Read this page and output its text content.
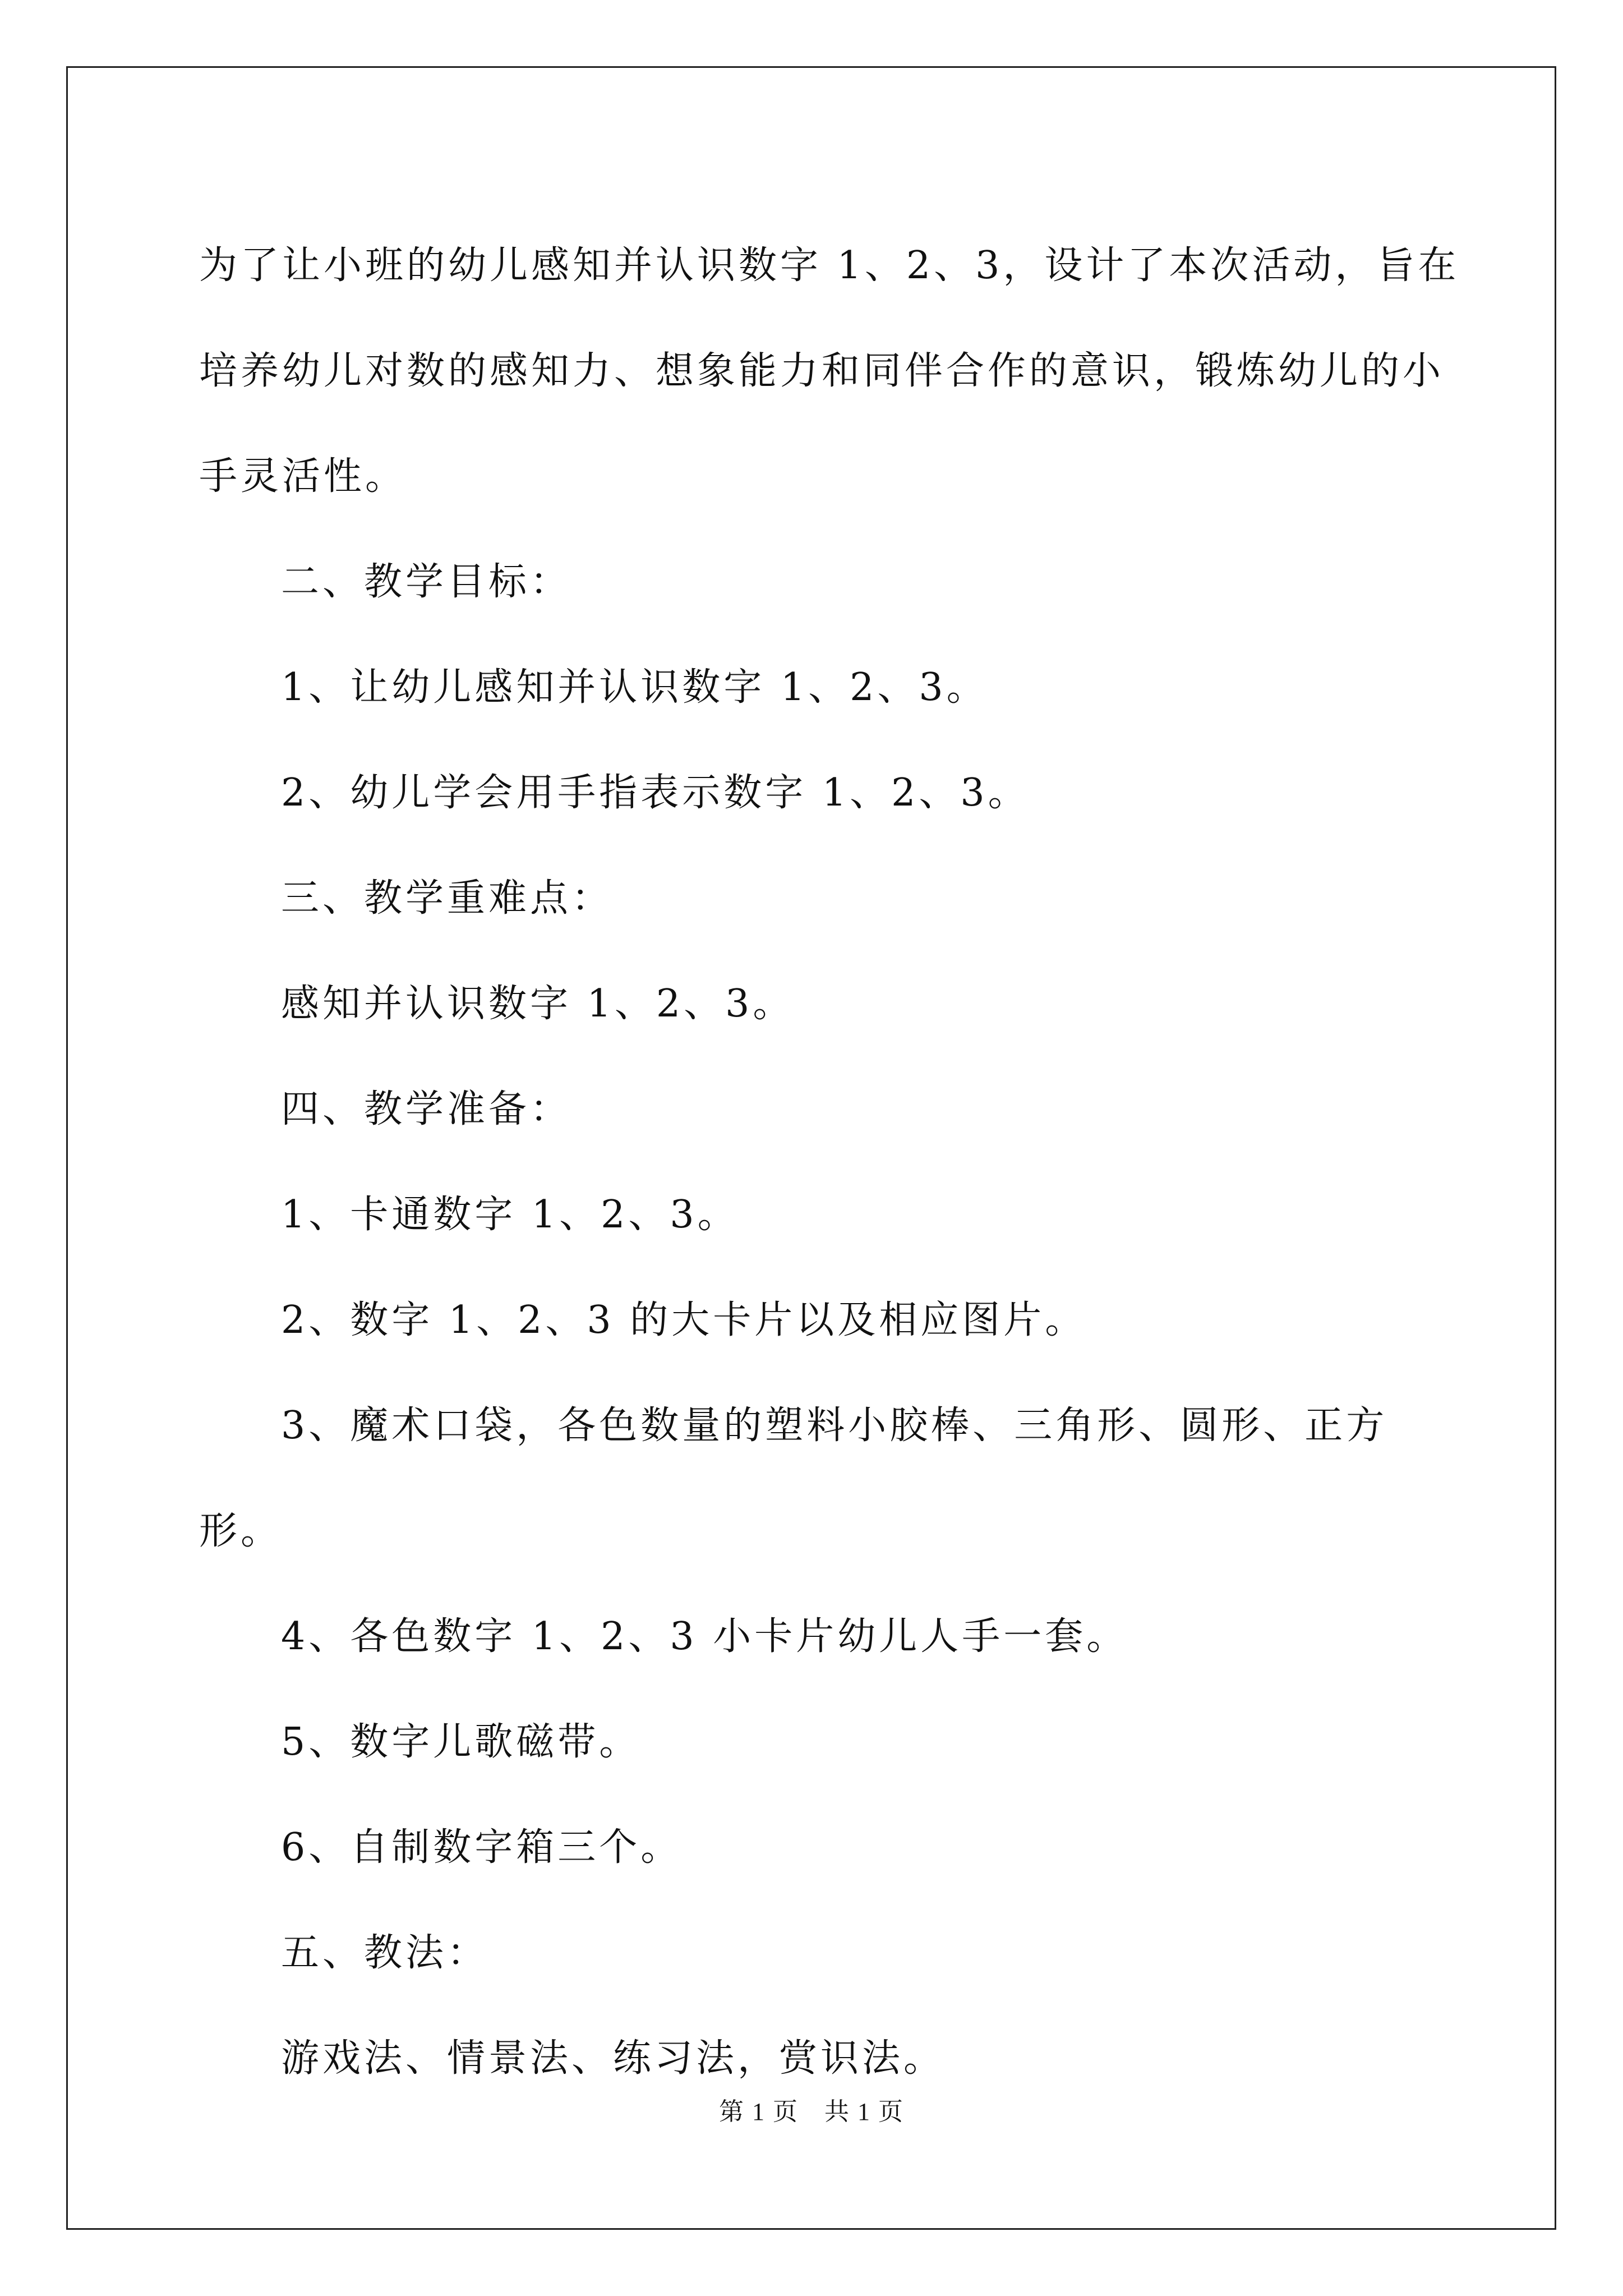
为了让小班的幼儿感知并认识数字 1、2、3，设计了本次活动，旨在
培养幼儿对数的感知力、想象能力和同伴合作的意识，锻炼幼儿的小
手灵活性。

二、教学目标：

1、让幼儿感知并认识数字 1、2、3。

2、幼儿学会用手指表示数字 1、2、3。

三、教学重难点：

感知并认识数字 1、2、3。

四、教学准备：

1、卡通数字 1、2、3。

2、数字 1、2、3 的大卡片以及相应图片。

3、魔术口袋，各色数量的塑料小胶棒、三角形、圆形、正方形。

4、各色数字 1、2、3 小卡片幼儿人手一套。

5、数字儿歌磁带。

6、自制数字箱三个。

五、教法：

游戏法、情景法、练习法，赏识法。

第 1 页 共 1 页
